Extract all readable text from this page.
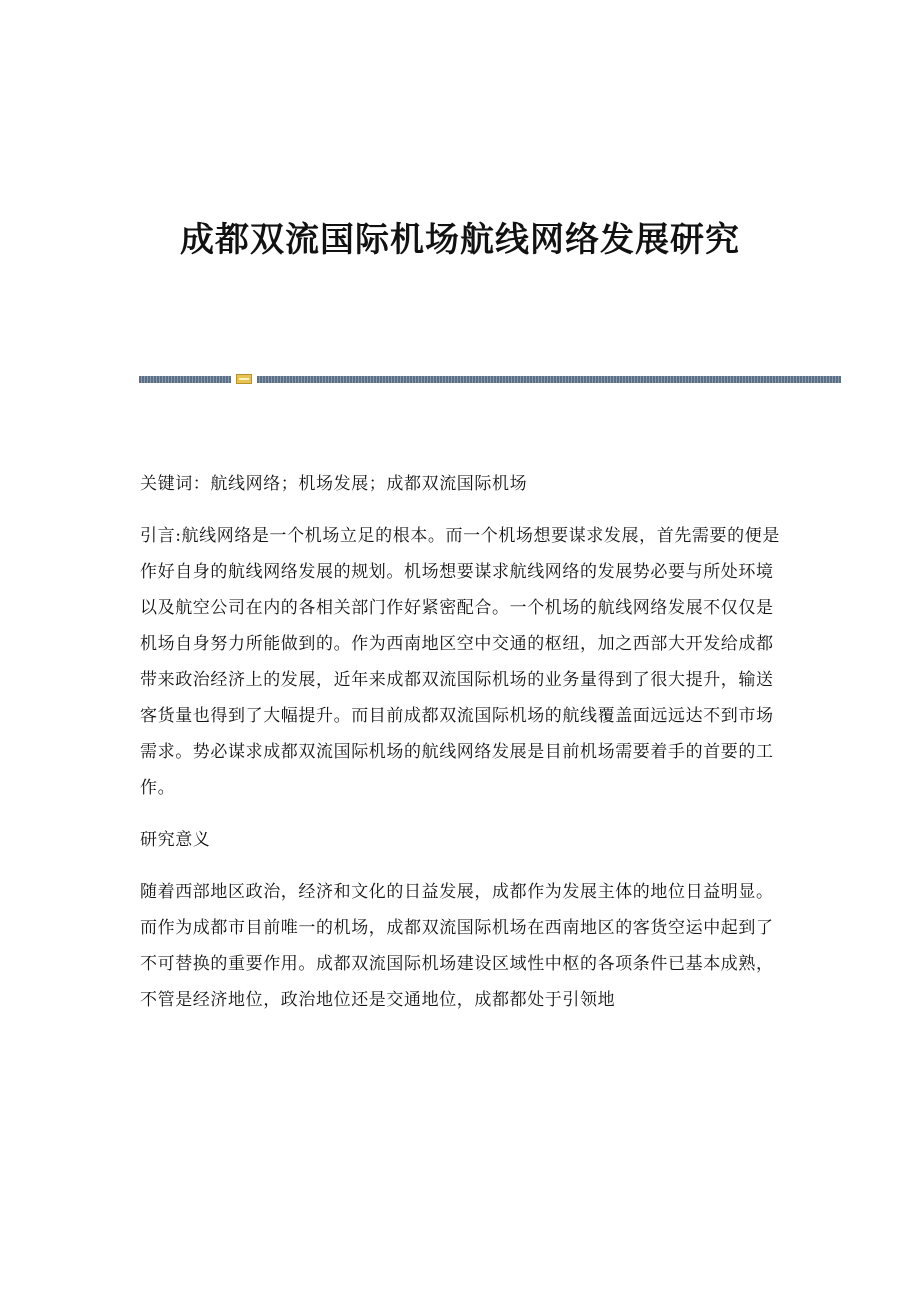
成都双流国际机场航线网络发展研究

关键词：航线网络；机场发展；成都双流国际机场

引言:航线网络是一个机场立足的根本。而一个机场想要谋求发展，首先需要的便是作好自身的航线网络发展的规划。机场想要谋求航线网络的发展势必要与所处环境以及航空公司在内的各相关部门作好紧密配合。一个机场的航线网络发展不仅仅是机场自身努力所能做到的。作为西南地区空中交通的枢纽，加之西部大开发给成都带来政治经济上的发展，近年来成都双流国际机场的业务量得到了很大提升，输送客货量也得到了大幅提升。而目前成都双流国际机场的航线覆盖面远远达不到市场需求。势必谋求成都双流国际机场的航线网络发展是目前机场需要着手的首要的工作。

研究意义

随着西部地区政治，经济和文化的日益发展，成都作为发展主体的地位日益明显。而作为成都市目前唯一的机场，成都双流国际机场在西南地区的客货空运中起到了不可替换的重要作用。成都双流国际机场建设区域性中枢的各项条件已基本成熟，不管是经济地位，政治地位还是交通地位，成都都处于引领地
